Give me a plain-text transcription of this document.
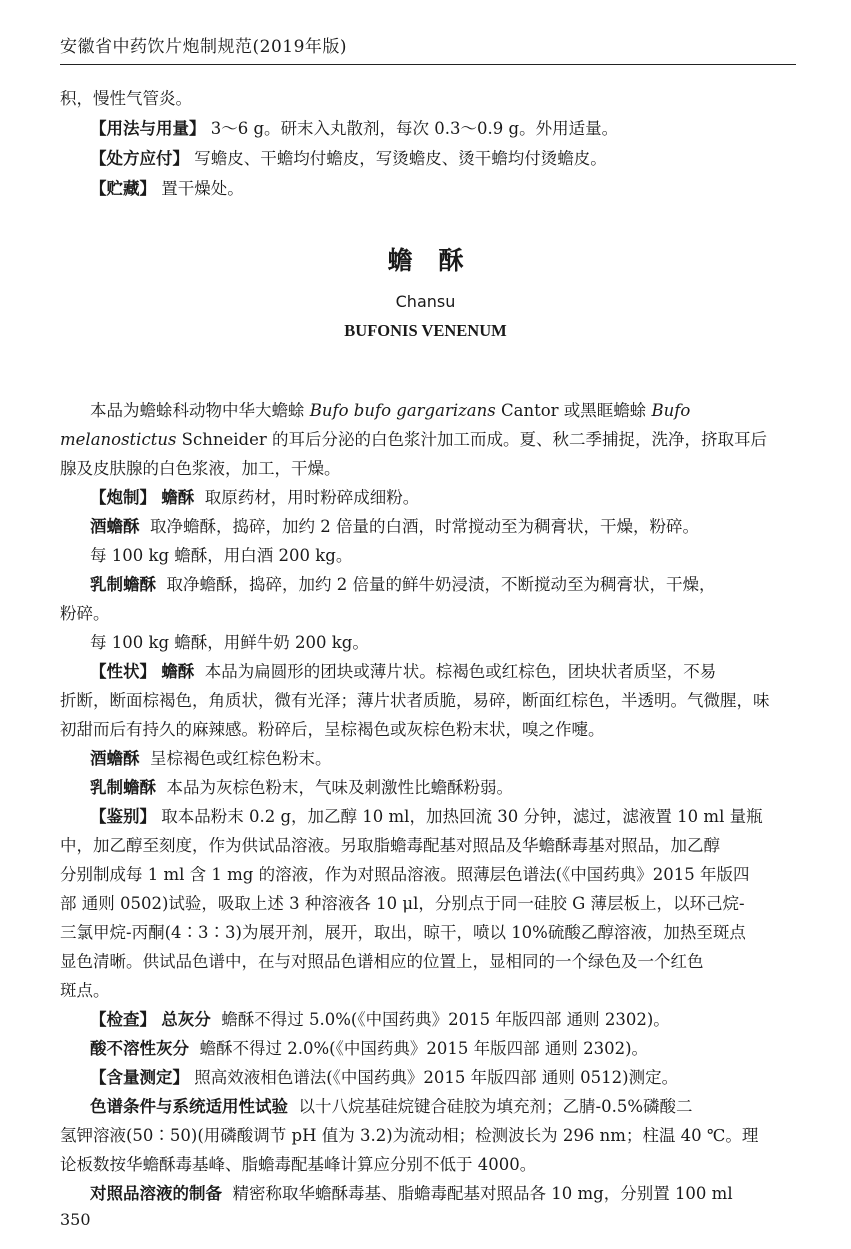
安徽省中药饮片炮制规范(2019年版)
积，慢性气管炎。
【用法与用量】 3～6 g。研末入丸散剂，每次 0.3～0.9 g。外用适量。
【处方应付】 写蟾皮、干蟾均付蟾皮，写烫蟾皮、烫干蟾均付烫蟾皮。
【贮藏】 置干燥处。
蟾酥
Chansu
BUFONIS VENENUM
本品为蟾蜍科动物中华大蟾蜍 Bufo bufo gargarizans Cantor 或黑眶蟾蜍 Bufo
melanostictus Schneider 的耳后分泌的白色浆汁加工而成。夏、秋二季捕捉，洗净，挤取耳后
腺及皮肤腺的白色浆液，加工，干燥。
【炮制】 蟾酥 取原药材，用时粉碎成细粉。
酒蟾酥 取净蟾酥，捣碎，加约 2 倍量的白酒，时常搅动至为稠膏状，干燥，粉碎。
每 100 kg 蟾酥，用白酒 200 kg。
乳制蟾酥 取净蟾酥，捣碎，加约 2 倍量的鲜牛奶浸渍，不断搅动至为稠膏状，干燥，
粉碎。
每 100 kg 蟾酥，用鲜牛奶 200 kg。
【性状】 蟾酥 本品为扁圆形的团块或薄片状。棕褐色或红棕色，团块状者质坚，不易
折断，断面棕褐色，角质状，微有光泽；薄片状者质脆，易碎，断面红棕色，半透明。气微腥，味
初甜而后有持久的麻辣感。粉碎后，呈棕褐色或灰棕色粉末状，嗅之作嚏。
酒蟾酥 呈棕褐色或红棕色粉末。
乳制蟾酥 本品为灰棕色粉末，气味及刺激性比蟾酥粉弱。
【鉴别】 取本品粉末 0.2 g，加乙醇 10 ml，加热回流 30 分钟，滤过，滤液置 10 ml 量瓶
中，加乙醇至刻度，作为供试品溶液。另取脂蟾毒配基对照品及华蟾酥毒基对照品，加乙醇
分别制成每 1 ml 含 1 mg 的溶液，作为对照品溶液。照薄层色谱法(《中国药典》2015 年版四
部 通则 0502)试验，吸取上述 3 种溶液各 10 μl，分别点于同一硅胶 G 薄层板上，以环己烷-
三氯甲烷-丙酮(4∶3∶3)为展开剂，展开，取出，晾干，喷以 10%硫酸乙醇溶液，加热至斑点
显色清晰。供试品色谱中，在与对照品色谱相应的位置上，显相同的一个绿色及一个红色
斑点。
【检查】 总灰分 蟾酥不得过 5.0%(《中国药典》2015 年版四部 通则 2302)。
酸不溶性灰分 蟾酥不得过 2.0%(《中国药典》2015 年版四部 通则 2302)。
【含量测定】 照高效液相色谱法(《中国药典》2015 年版四部 通则 0512)测定。
色谱条件与系统适用性试验 以十八烷基硅烷键合硅胶为填充剂；乙腈-0.5%磷酸二
氢钾溶液(50∶50)(用磷酸调节 pH 值为 3.2)为流动相；检测波长为 296 nm；柱温 40 ℃。理
论板数按华蟾酥毒基峰、脂蟾毒配基峰计算应分别不低于 4000。
对照品溶液的制备 精密称取华蟾酥毒基、脂蟾毒配基对照品各 10 mg，分别置 100 ml
350
